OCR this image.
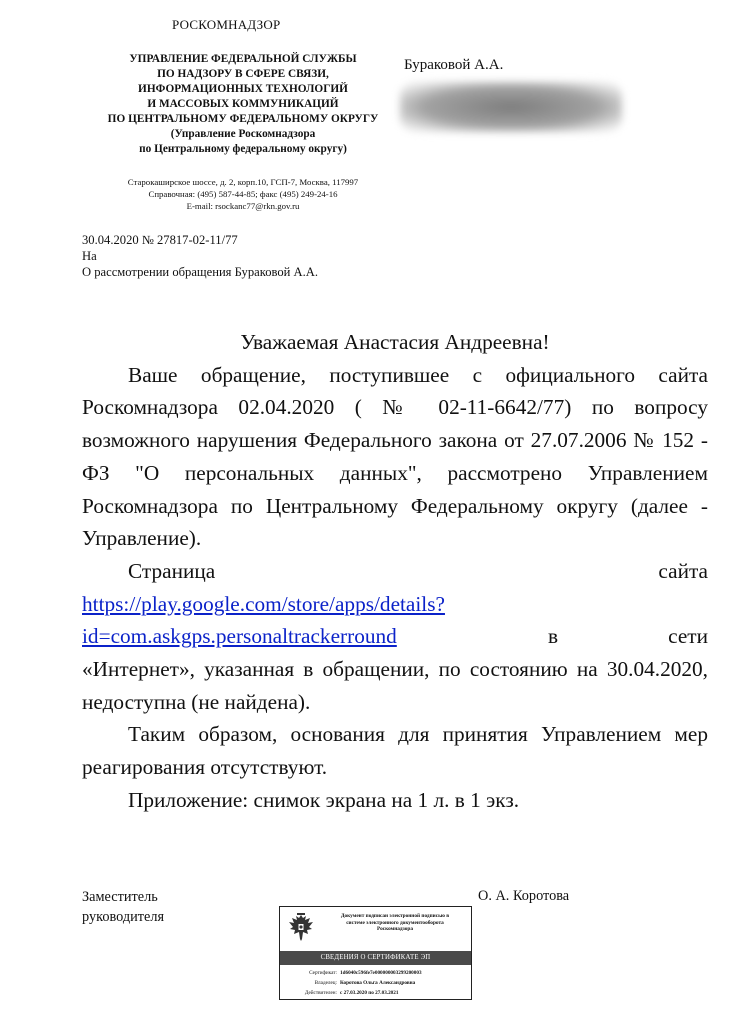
РОСКОМНАДЗОР
УПРАВЛЕНИЕ ФЕДЕРАЛЬНОЙ СЛУЖБЫ
ПО НАДЗОРУ В СФЕРЕ СВЯЗИ,
ИНФОРМАЦИОННЫХ ТЕХНОЛОГИЙ
И МАССОВЫХ КОММУНИКАЦИЙ
ПО ЦЕНТРАЛЬНОМУ ФЕДЕРАЛЬНОМУ ОКРУГУ
(Управление Роскомнадзора
по Центральному федеральному округу)
Старокаширское шоссе, д. 2, корп.10, ГСП-7, Москва, 117997
Справочная: (495) 587-44-85; факс (495) 249-24-16
E-mail: rsockanc77@rkn.gov.ru
Бураковой А.А.
30.04.2020 № 27817-02-11/77
На
О рассмотрении обращения Бураковой А.А.
Уважаемая Анастасия Андреевна!
Ваше обращение, поступившее с официального сайта Роскомнадзора 02.04.2020 ( № 02-11-6642/77) по вопросу возможного нарушения Федерального закона от 27.07.2006 № 152 - ФЗ "О персональных данных", рассмотрено Управлением Роскомнадзора по Центральному Федеральному округу (далее - Управление).
Страница	сайта
https://play.google.com/store/apps/details?
id=com.askgps.personaltrackerround	в	сети
«Интернет», указанная в обращении, по состоянию на 30.04.2020, недоступна (не найдена).
Таким образом, основания для принятия Управлением мер реагирования отсутствуют.
Приложение: снимок экрана на 1 л. в 1 экз.
Заместитель
руководителя
О. А. Коротова
Документ подписан электронной подписью в
системе электронного документооборота
Роскомнадзора
СВЕДЕНИЯ О СЕРТИФИКАТЕ ЭП
Сертификат: 1d6040c596fe7e000000003299200003
Владелец: Коротова Ольга Александровна
Действителен: с 27.03.2020 по 27.03.2021
